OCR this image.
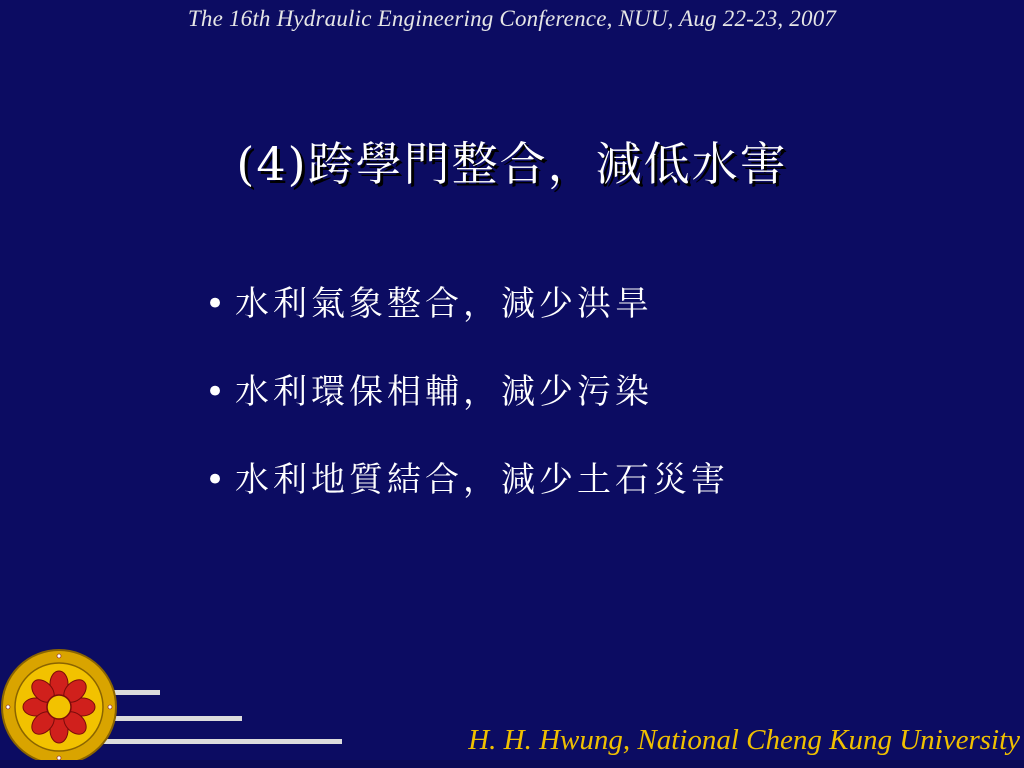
The 16th Hydraulic Engineering Conference, NUU, Aug 22-23, 2007
(4)跨學門整合，減低水害
• 水利氣象整合，減少洪旱
• 水利環保相輔，減少污染
• 水利地質結合，減少土石災害
H. H. Hwung, National Cheng Kung University
